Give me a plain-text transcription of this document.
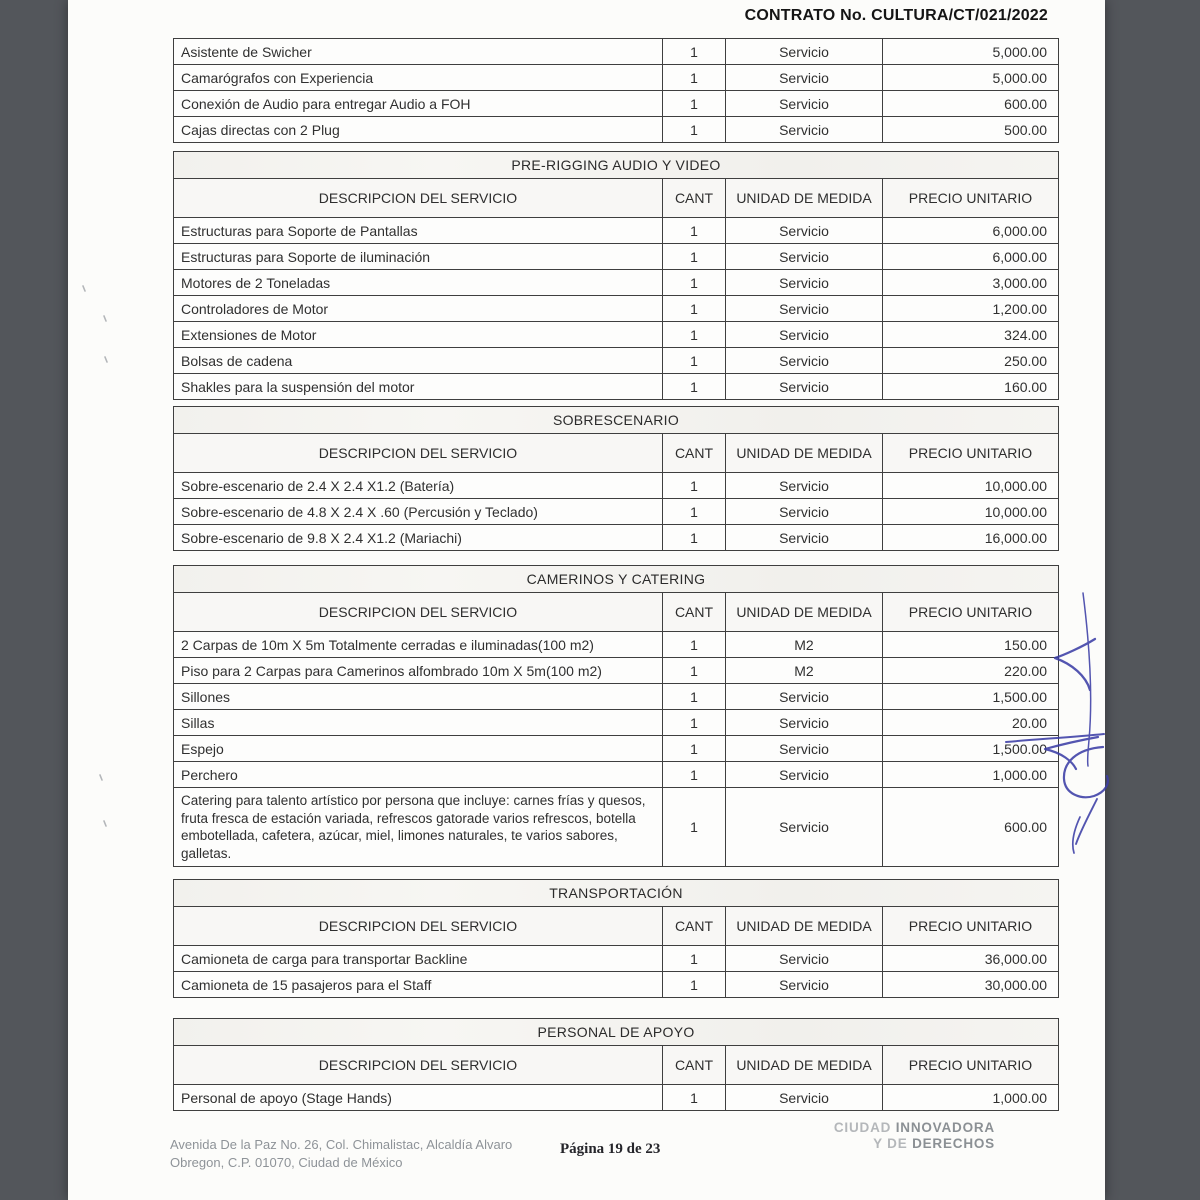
CONTRATO No. CULTURA/CT/021/2022
Asistente de Swicher	1	Servicio	5,000.00
Camarógrafos con Experiencia	1	Servicio	5,000.00
Conexión de Audio para entregar Audio a FOH	1	Servicio	600.00
Cajas directas con 2 Plug	1	Servicio	500.00
PRE-RIGGING AUDIO Y VIDEO			
DESCRIPCION DEL SERVICIO	CANT	UNIDAD DE MEDIDA	PRECIO UNITARIO
Estructuras para Soporte de Pantallas	1	Servicio	6,000.00
Estructuras para Soporte de iluminación	1	Servicio	6,000.00
Motores de 2 Toneladas	1	Servicio	3,000.00
Controladores de Motor	1	Servicio	1,200.00
Extensiones de Motor	1	Servicio	324.00
Bolsas de cadena	1	Servicio	250.00
Shakles para la suspensión del motor	1	Servicio	160.00
SOBRESCENARIO			
DESCRIPCION DEL SERVICIO	CANT	UNIDAD DE MEDIDA	PRECIO UNITARIO
Sobre-escenario de 2.4 X 2.4 X1.2 (Batería)	1	Servicio	10,000.00
Sobre-escenario de 4.8 X 2.4 X .60 (Percusión y Teclado)	1	Servicio	10,000.00
Sobre-escenario de 9.8 X 2.4 X1.2 (Mariachi)	1	Servicio	16,000.00
CAMERINOS Y CATERING			
DESCRIPCION DEL SERVICIO	CANT	UNIDAD DE MEDIDA	PRECIO UNITARIO
2 Carpas de 10m X 5m Totalmente cerradas e iluminadas(100 m2)	1	M2	150.00
Piso para 2 Carpas para Camerinos alfombrado 10m X 5m(100 m2)	1	M2	220.00
Sillones	1	Servicio	1,500.00
Sillas	1	Servicio	20.00
Espejo	1	Servicio	1,500.00
Perchero	1	Servicio	1,000.00
Catering para talento artístico por persona que incluye: carnes frías y quesos, fruta fresca de estación variada, refrescos gatorade varios refrescos, botella embotellada, cafetera, azúcar, miel, limones naturales, te varios sabores, galletas.	1	Servicio	600.00
TRANSPORTACIÓN			
DESCRIPCION DEL SERVICIO	CANT	UNIDAD DE MEDIDA	PRECIO UNITARIO
Camioneta de carga para transportar Backline	1	Servicio	36,000.00
Camioneta de 15 pasajeros para el Staff	1	Servicio	30,000.00
PERSONAL DE APOYO			
DESCRIPCION DEL SERVICIO	CANT	UNIDAD DE MEDIDA	PRECIO UNITARIO
Personal de apoyo (Stage Hands)	1	Servicio	1,000.00
Avenida De la Paz No. 26, Col. Chimalistac, Alcaldía Alvaro
Obregon, C.P. 01070, Ciudad de México
Página 19 de 23
CIUDAD INNOVADORA
Y DE DERECHOS
